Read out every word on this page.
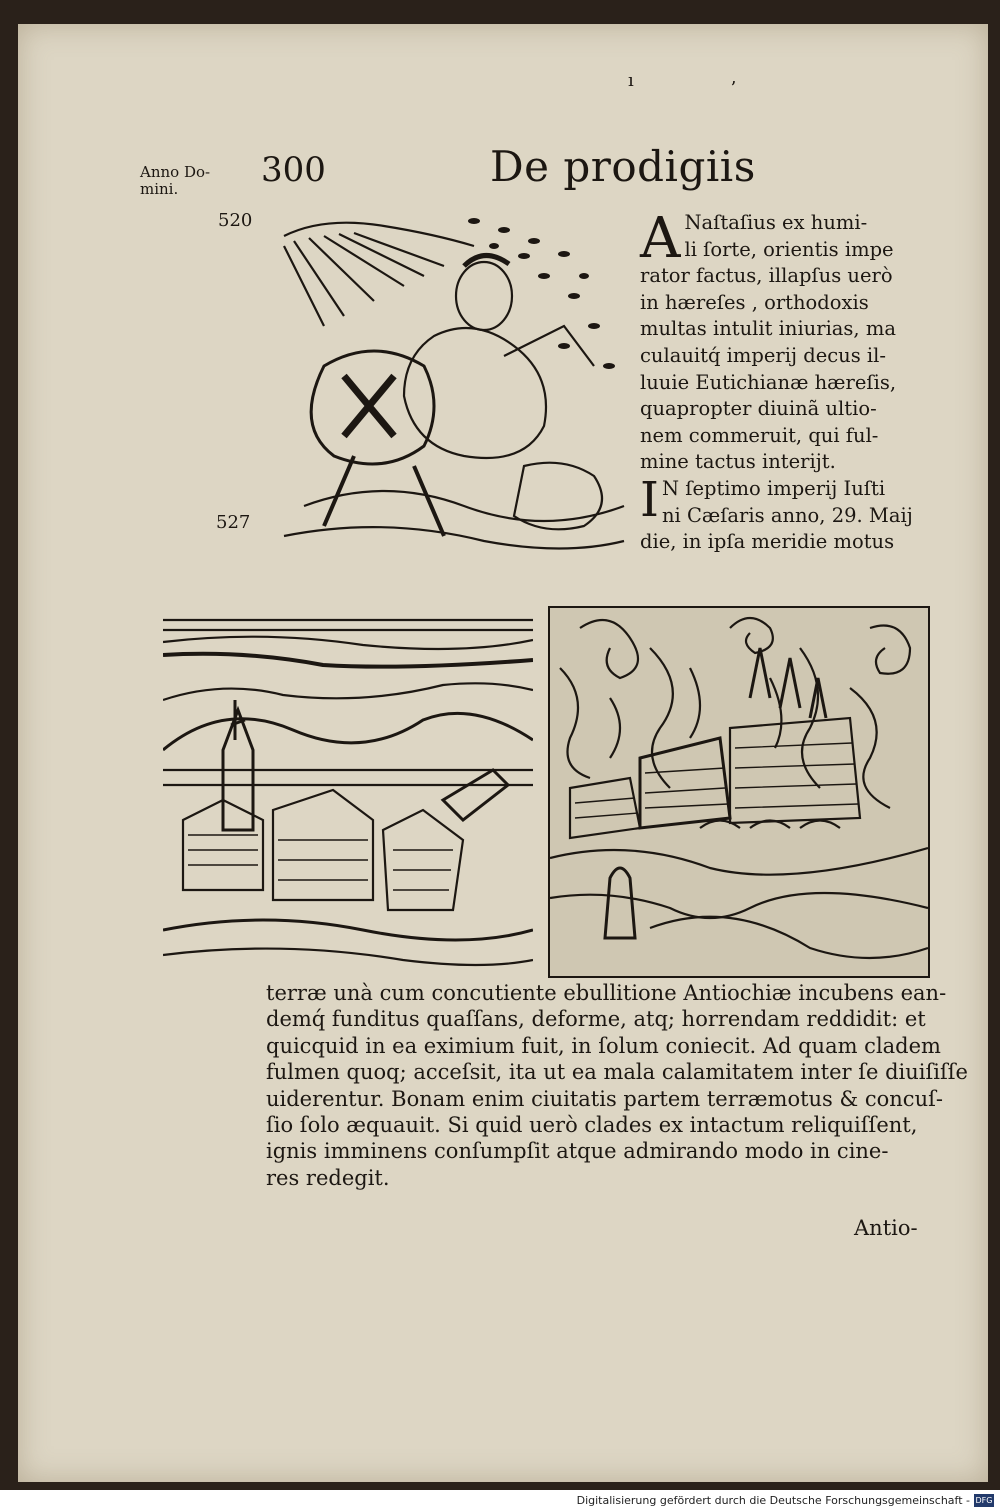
Anno Do-
mini.	300	De prodigiis
ı	ʼ
520
527
A Naſtaſius ex humi-
li ſorte, orientis impe
rator factus, illapſus uerò
in hæreſes , orthodoxis
multas intulit iniurias, ma
culauitq́ imperij decus il-
luuie Eutichianæ hæreſis,
quapropter diuinã ultio-
nem commeruit, qui ful-
mine tactus interijt.
I N ſeptimo imperij Iuſti
ni Cæſaris anno, 29. Maij
die, in ipſa meridie motus
terræ unà cum concutiente ebullitione Antiochiæ incubens ean-
demq́ funditus quaſſans, deforme, atq; horrendam reddidit: et
quicquid in ea eximium fuit, in ſolum coniecit. Ad quam cladem
fulmen quoq; acceſsit, ita ut ea mala calamitatem inter ſe diuiſiſſe
uiderentur. Bonam enim ciuitatis partem terræmotus & concuſ-
ſio ſolo æquauit. Si quid uerò clades ex intactum reliquiſſent,
ignis imminens conſumpſit atque admirando modo in cine-
res redegit.
Antio-
Digitalisierung gefördert durch die Deutsche Forschungsgemeinschaft - DFG
